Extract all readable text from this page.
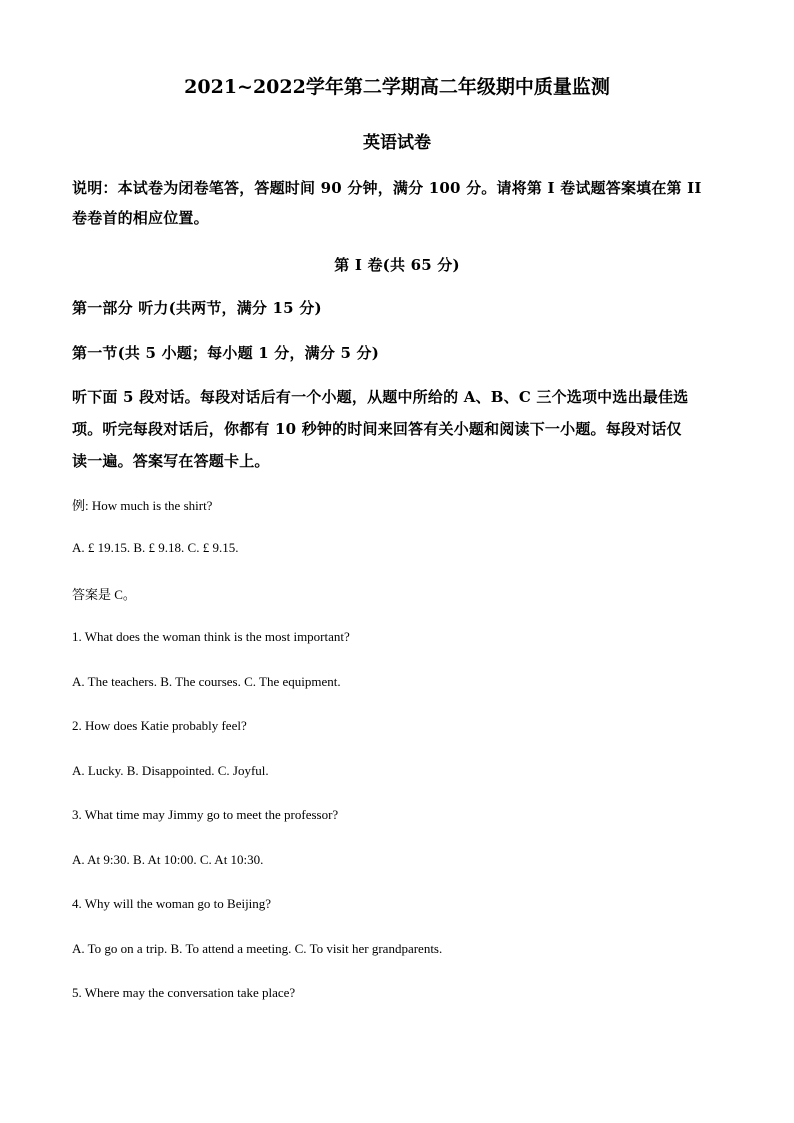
2021~2022学年第二学期高二年级期中质量监测
英语试卷
说明：本试卷为闭卷笔答，答题时间 90 分钟，满分 100 分。请将第 I 卷试题答案填在第 II
卷卷首的相应位置。
第 I 卷(共 65 分)
第一部分 听力(共两节，满分 15 分)
第一节(共 5 小题；每小题 1 分，满分 5 分)
听下面 5 段对话。每段对话后有一个小题，从题中所给的 A、B、C 三个选项中选出最佳选
项。听完每段对话后，你都有 10 秒钟的时间来回答有关小题和阅读下一小题。每段对话仅
读一遍。答案写在答题卡上。
例: How much is the shirt?
A. £ 19.15. B. £ 9.18. C. £ 9.15.
答案是 C。
1. What does the woman think is the most important?
A. The teachers. B. The courses. C. The equipment.
2. How does Katie probably feel?
A. Lucky. B. Disappointed. C. Joyful.
3. What time may Jimmy go to meet the professor?
A. At 9:30. B. At 10:00. C. At 10:30.
4. Why will the woman go to Beijing?
A. To go on a trip. B. To attend a meeting. C. To visit her grandparents.
5. Where may the conversation take place?
